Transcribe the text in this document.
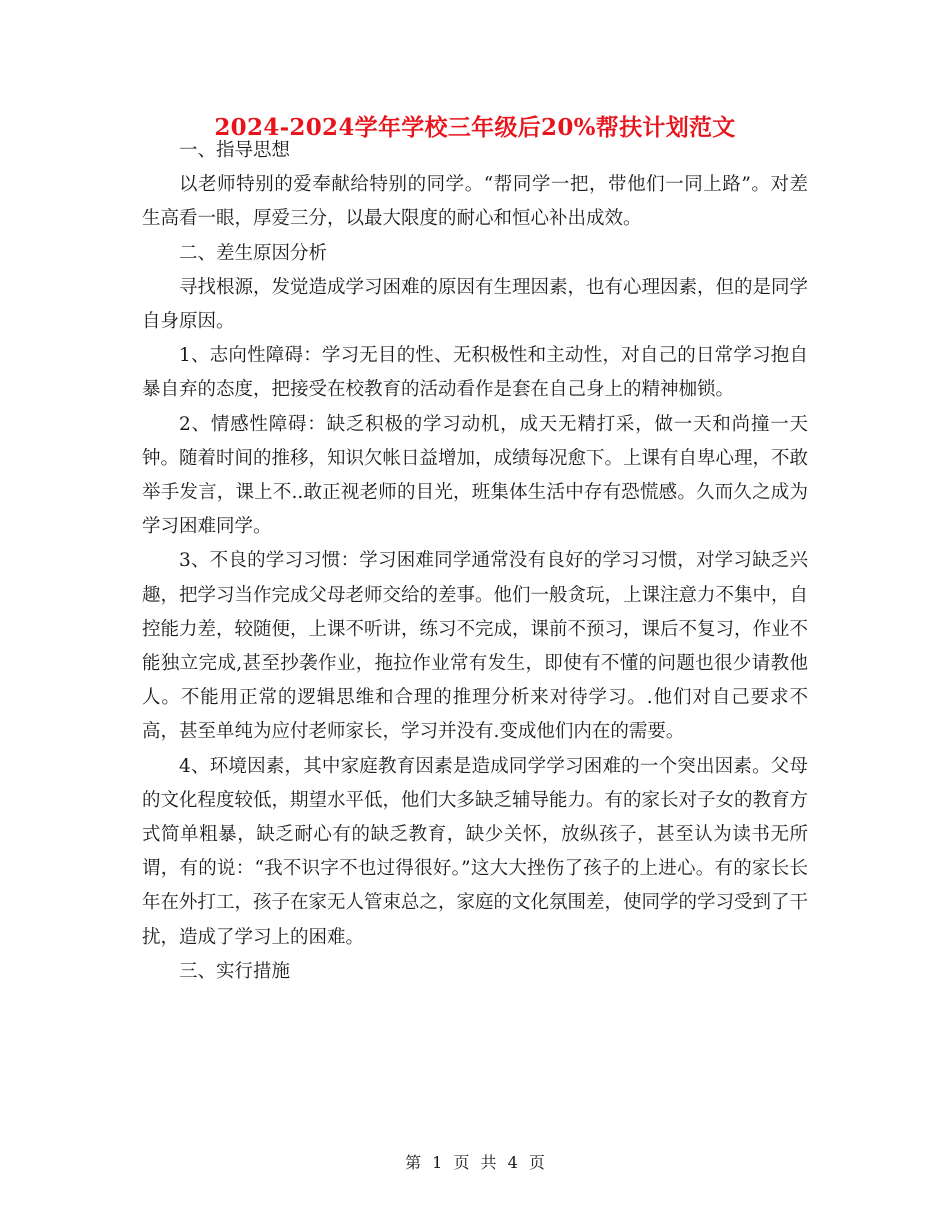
2024-2024学年学校三年级后20%帮扶计划范文

一、指导思想

以老师特别的爱奉献给特别的同学。“帮同学一把，带他们一同上路”。对差生高看一眼，厚爱三分，以最大限度的耐心和恒心补出成效。

二、差生原因分析

寻找根源，发觉造成学习困难的原因有生理因素，也有心理因素，但的是同学自身原因。

1、志向性障碍：学习无目的性、无积极性和主动性，对自己的日常学习抱自暴自弃的态度，把接受在校教育的活动看作是套在自己身上的精神枷锁。

2、情感性障碍：缺乏积极的学习动机，成天无精打采，做一天和尚撞一天钟。随着时间的推移，知识欠帐日益增加，成绩每况愈下。上课有自卑心理，不敢举手发言，课上不..敢正视老师的目光，班集体生活中存有恐慌感。久而久之成为学习困难同学。

3、不良的学习习惯：学习困难同学通常没有良好的学习习惯，对学习缺乏兴趣，把学习当作完成父母老师交给的差事。他们一般贪玩，上课注意力不集中，自控能力差，较随便，上课不听讲，练习不完成，课前不预习，课后不复习，作业不能独立完成,甚至抄袭作业，拖拉作业常有发生，即使有不懂的问题也很少请教他人。不能用正常的逻辑思维和合理的推理分析来对待学习。.他们对自己要求不高，甚至单纯为应付老师家长，学习并没有.变成他们内在的需要。

4、环境因素，其中家庭教育因素是造成同学学习困难的一个突出因素。父母的文化程度较低，期望水平低，他们大多缺乏辅导能力。有的家长对子女的教育方式简单粗暴，缺乏耐心有的缺乏教育，缺少关怀，放纵孩子，甚至认为读书无所谓，有的说：“我不识字不也过得很好。”这大大挫伤了孩子的上进心。有的家长长年在外打工，孩子在家无人管束总之，家庭的文化氛围差，使同学的学习受到了干扰，造成了学习上的困难。

三、实行措施

第 1 页 共 4 页
